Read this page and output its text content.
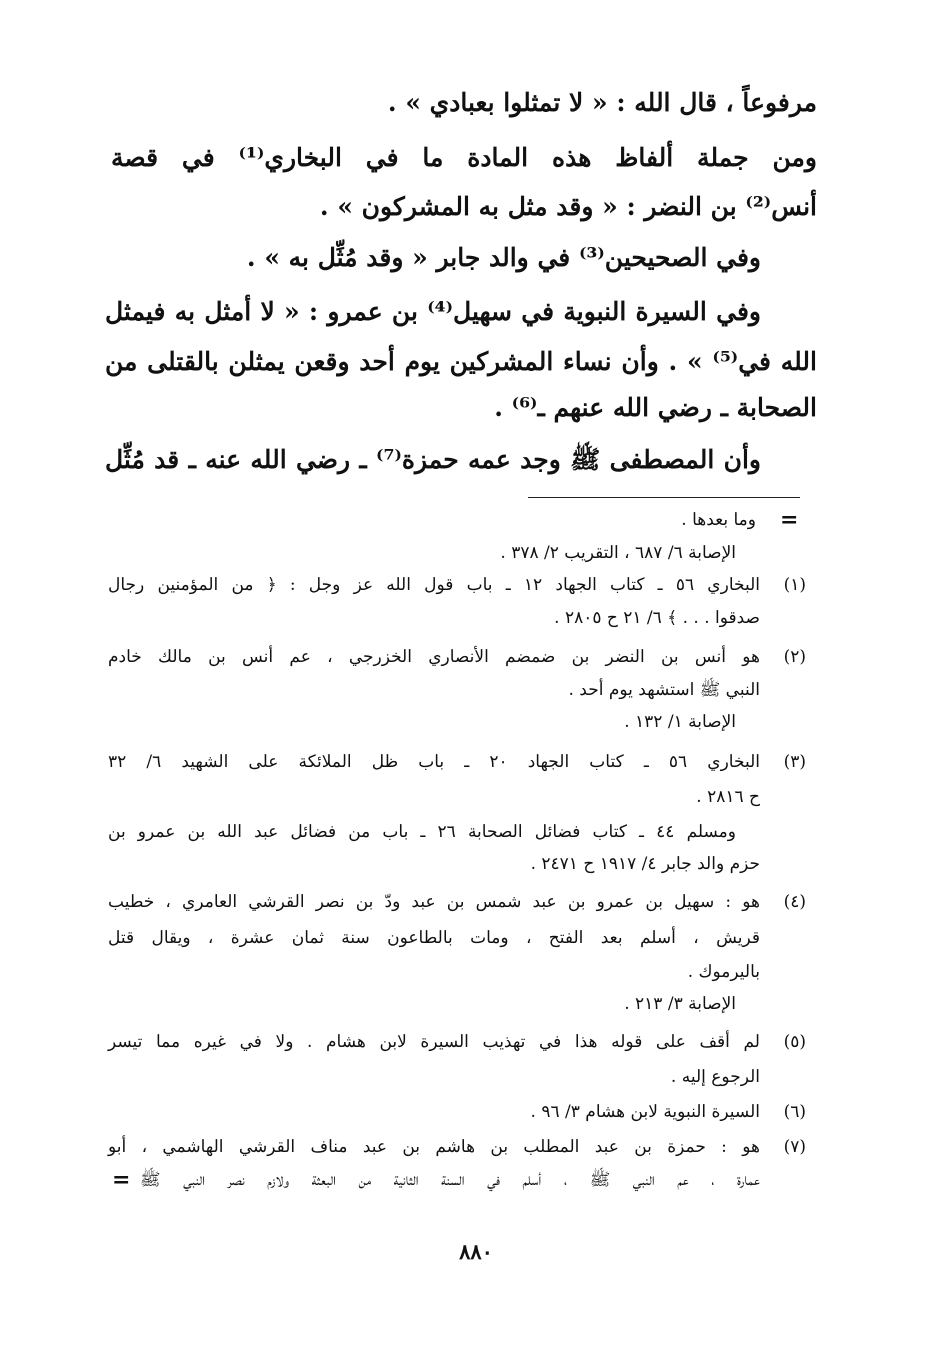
مرفوعاً ، قال الله : « لا تمثلوا بعبادي » .
ومن جملة ألفاظ هذه المادة ما في البخاري⁽¹⁾ في قصة
أنس⁽²⁾ بن النضر : « وقد مثل به المشركون » .
وفي الصحيحين⁽³⁾ في والد جابر « وقد مُثِّل به » .
وفي السيرة النبوية في سهيل⁽⁴⁾ بن عمرو : « لا أمثل به فيمثل
الله في⁽⁵⁾ » . وأن نساء المشركين يوم أحد وقعن يمثلن بالقتلى من
الصحابة ـ رضي الله عنهم ـ⁽⁶⁾ .
وأن المصطفى ﷺ وجد عمه حمزة⁽⁷⁾ ـ رضي الله عنه ـ قد مُثِّل
=
وما بعدها .
الإصابة ٦/ ٦٨٧ ، التقريب ٢/ ٣٧٨ .
(١)
البخاري ٥٦ ـ كتاب الجهاد ١٢ ـ باب قول الله عز وجل : ﴿ من المؤمنين رجال
صدقوا . . . ﴾ ٦/ ٢١ ح ٢٨٠٥ .
(٢)
هو أنس بن النضر بن ضمضم الأنصاري الخزرجي ، عم أنس بن مالك خادم
النبي ﷺ استشهد يوم أحد .
الإصابة ١/ ١٣٢ .
(٣)
البخاري ٥٦ ـ كتاب الجهاد ٢٠ ـ باب ظل الملائكة على الشهيد ٦/ ٣٢
ح ٢٨١٦ .
ومسلم ٤٤ ـ كتاب فضائل الصحابة ٢٦ ـ باب من فضائل عبد الله بن عمرو بن
حزم والد جابر ٤/ ١٩١٧ ح ٢٤٧١ .
(٤)
هو : سهيل بن عمرو بن عبد شمس بن عبد ودّ بن نصر القرشي العامري ، خطيب
قريش ، أسلم بعد الفتح ، ومات بالطاعون سنة ثمان عشرة ، ويقال قتل
باليرموك .
الإصابة ٣/ ٢١٣ .
(٥)
لم أقف على قوله هذا في تهذيب السيرة لابن هشام . ولا في غيره مما تيسر
الرجوع إليه .
(٦)
السيرة النبوية لابن هشام ٣/ ٩٦ .
(٧)
هو : حمزة بن عبد المطلب بن هاشم بن عبد مناف القرشي الهاشمي ، أبو
عمارة ، عم النبي ﷺ ، أسلم في السنة الثانية من البعثة ولازم نصر النبي ﷺ
=
٨٨٠
